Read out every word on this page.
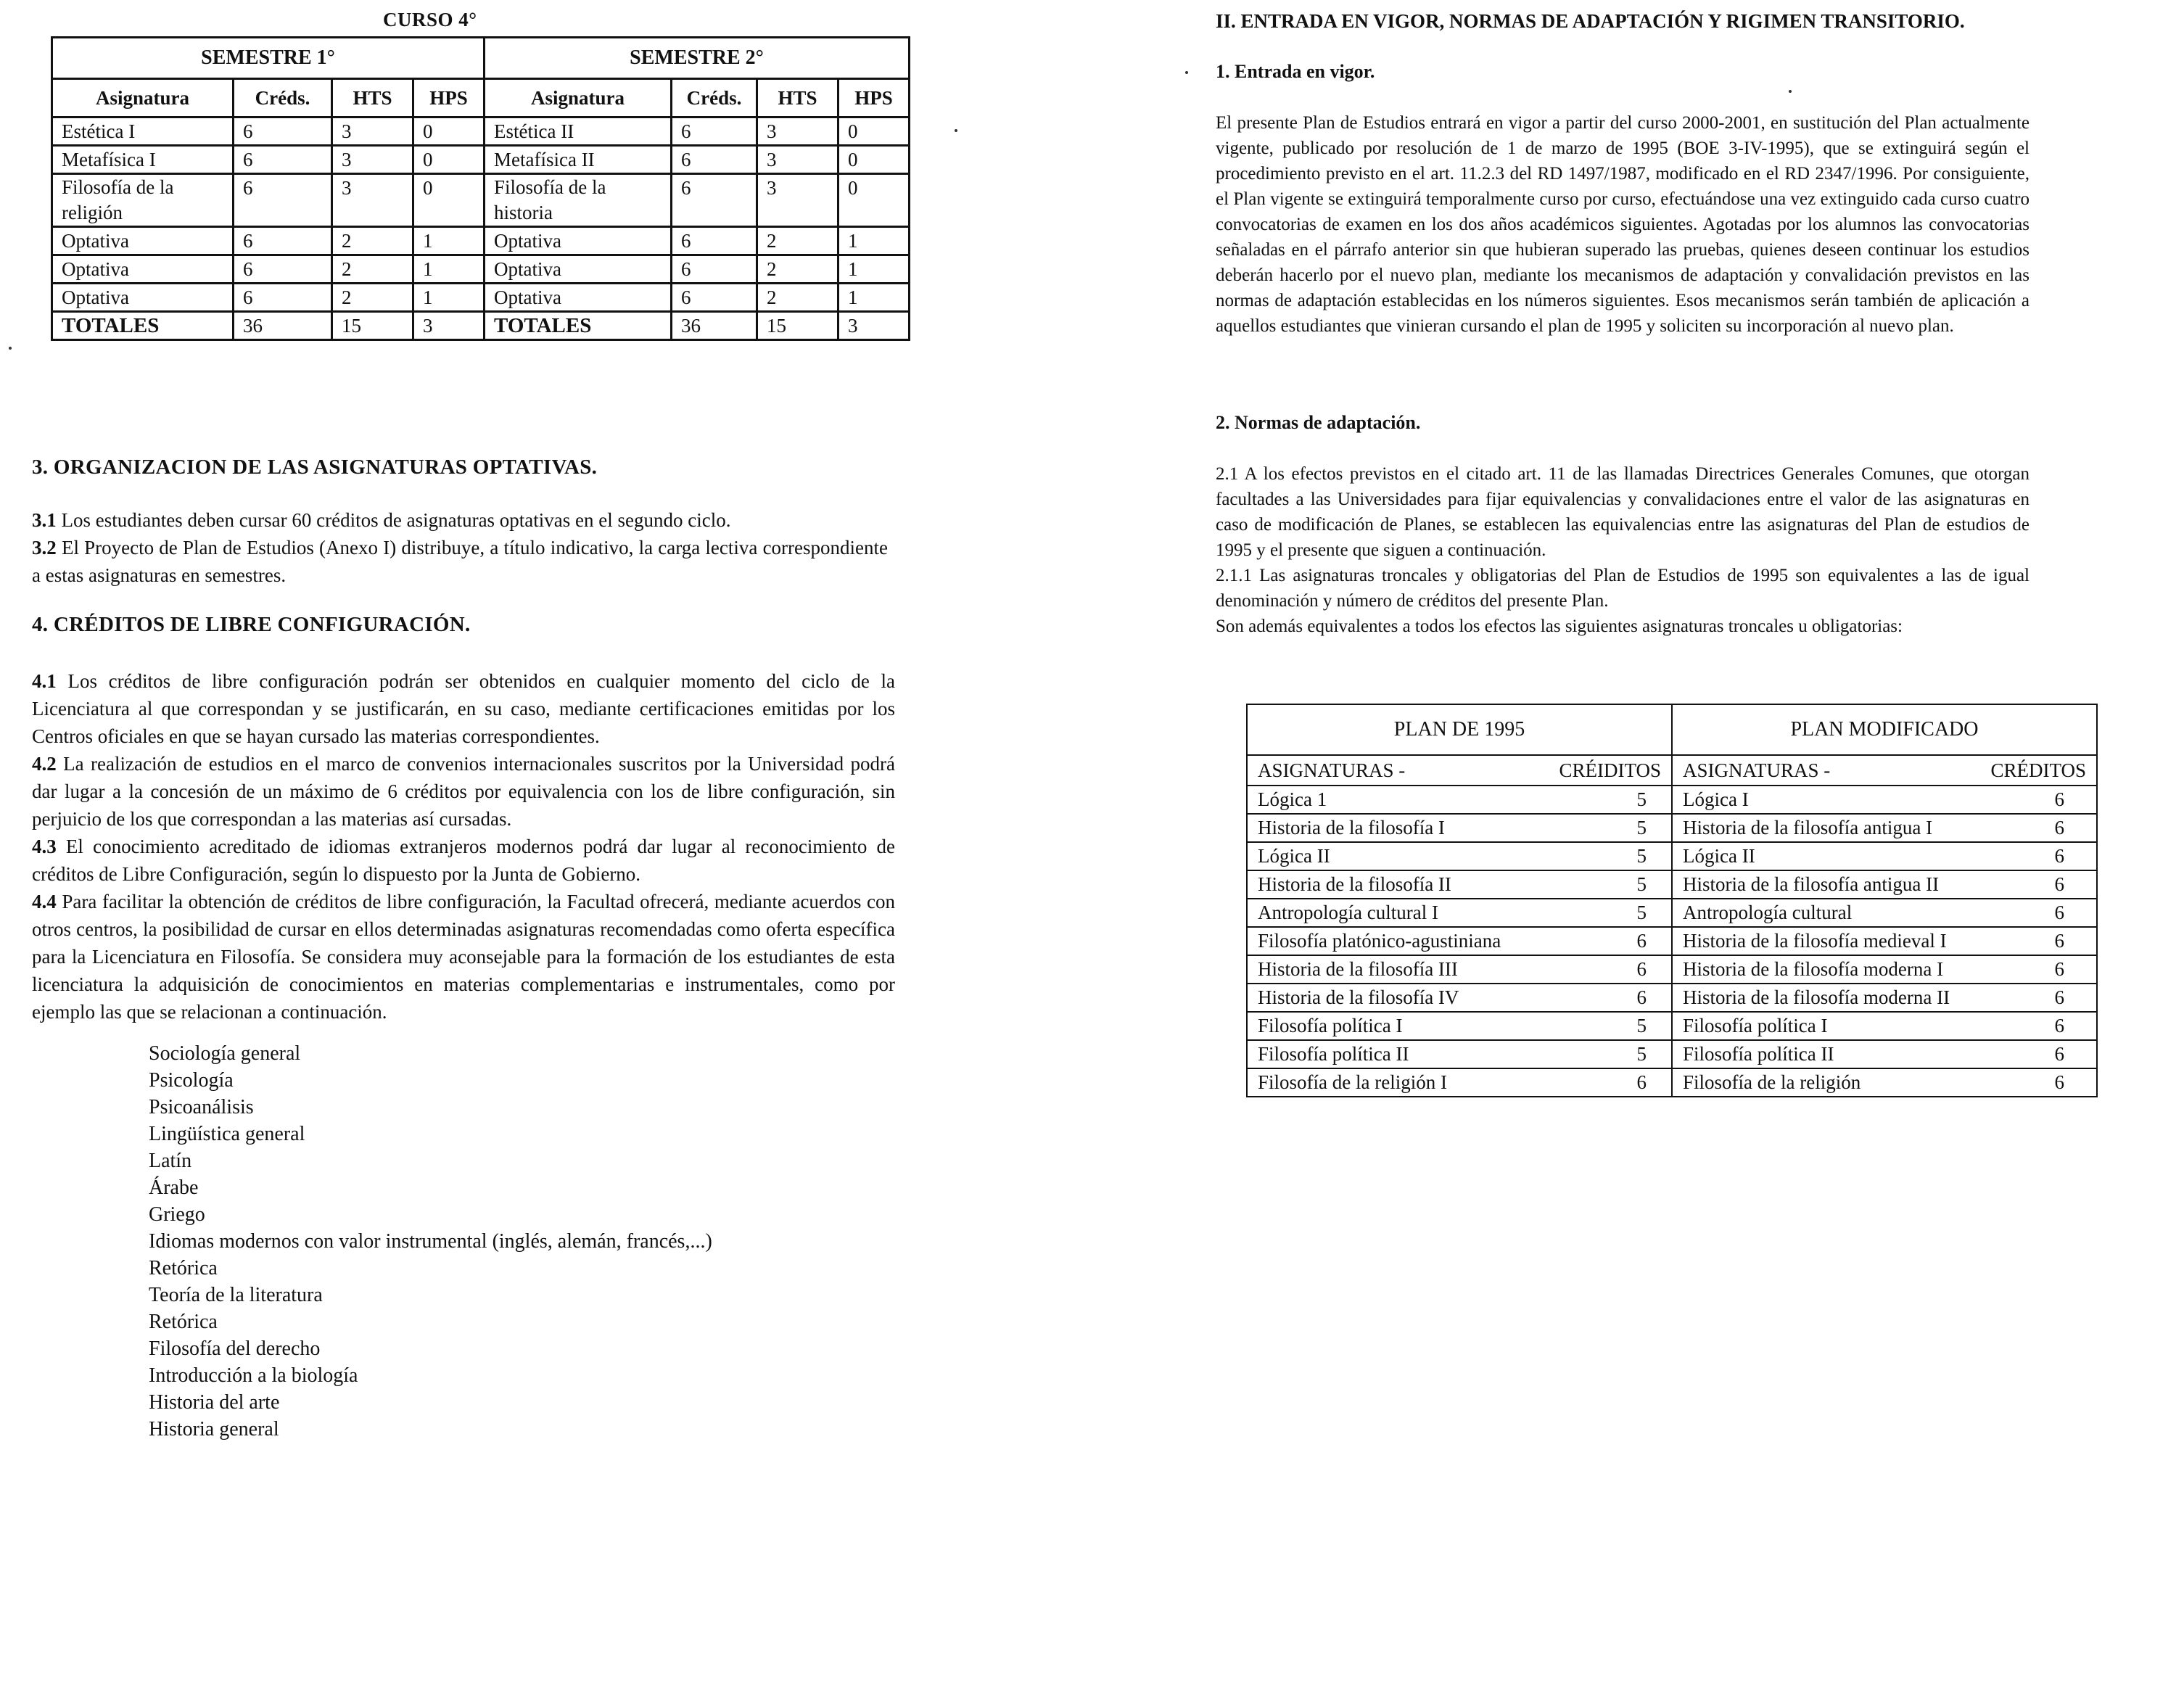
CURSO 4°
SEMESTRE 1°				SEMESTRE 2°			
Asignatura	Créds.	HTS	HPS	Asignatura	Créds.	HTS	HPS
Estética I	6	3	0	Estética II	6	3	0
Metafísica I	6	3	0	Metafísica II	6	3	0
Filosofía de la religión	6	3	0	Filosofía de la historia	6	3	0
Optativa	6	2	1	Optativa	6	2	1
Optativa	6	2	1	Optativa	6	2	1
Optativa	6	2	1	Optativa	6	2	1
TOTALES	36	15	3	TOTALES	36	15	3
3. ORGANIZACION DE LAS ASIGNATURAS OPTATIVAS.
3.1 Los estudiantes deben cursar 60 créditos de asignaturas optativas en el segundo ciclo.
3.2 El Proyecto de Plan de Estudios (Anexo I) distribuye, a título indicativo, la carga lectiva correspondiente a estas asignaturas en semestres.
4. CRÉDITOS DE LIBRE CONFIGURACIÓN.
4.1 Los créditos de libre configuración podrán ser obtenidos en cualquier momento del ciclo de la Licenciatura al que correspondan y se justificarán, en su caso, mediante certificaciones emitidas por los Centros oficiales en que se hayan cursado las materias correspondientes.
4.2 La realización de estudios en el marco de convenios internacionales suscritos por la Universidad podrá dar lugar a la concesión de un máximo de 6 créditos por equivalencia con los de libre configuración, sin perjuicio de los que correspondan a las materias así cursadas.
4.3 El conocimiento acreditado de idiomas extranjeros modernos podrá dar lugar al reconocimiento de créditos de Libre Configuración, según lo dispuesto por la Junta de Gobierno.
4.4 Para facilitar la obtención de créditos de libre configuración, la Facultad ofrecerá, mediante acuerdos con otros centros, la posibilidad de cursar en ellos determinadas asignaturas recomendadas como oferta específica para la Licenciatura en Filosofía. Se considera muy aconsejable para la formación de los estudiantes de esta licenciatura la adquisición de conocimientos en materias complementarias e instrumentales, como por ejemplo las que se relacionan a continuación.
Sociología general
Psicología
Psicoanálisis
Lingüística general
Latín
Árabe
Griego
Idiomas modernos con valor instrumental (inglés, alemán, francés,...)
Retórica
Teoría de la literatura
Retórica
Filosofía del derecho
Introducción a la biología
Historia del arte
Historia general
II. ENTRADA EN VIGOR, NORMAS DE ADAPTACIÓN Y RIGIMEN TRANSITORIO.
1. Entrada en vigor.
El presente Plan de Estudios entrará en vigor a partir del curso 2000-2001, en sustitución del Plan actualmente vigente, publicado por resolución de 1 de marzo de 1995 (BOE 3-IV-1995), que se extinguirá según el procedimiento previsto en el art. 11.2.3 del RD 1497/1987, modificado en el RD 2347/1996. Por consiguiente, el Plan vigente se extinguirá temporalmente curso por curso, efectuándose una vez extinguido cada curso cuatro convocatorias de examen en los dos años académicos siguientes. Agotadas por los alumnos las convocatorias señaladas en el párrafo anterior sin que hubieran superado las pruebas, quienes deseen continuar los estudios deberán hacerlo por el nuevo plan, mediante los mecanismos de adaptación y convalidación previstos en las normas de adaptación establecidas en los números siguientes. Esos mecanismos serán también de aplicación a aquellos estudiantes que vinieran cursando el plan de 1995 y soliciten su incorporación al nuevo plan.
2. Normas de adaptación.
2.1 A los efectos previstos en el citado art. 11 de las llamadas Directrices Generales Comunes, que otorgan facultades a las Universidades para fijar equivalencias y convalidaciones entre el valor de las asignaturas en caso de modificación de Planes, se establecen las equivalencias entre las asignaturas del Plan de estudios de 1995 y el presente que siguen a continuación.
2.1.1 Las asignaturas troncales y obligatorias del Plan de Estudios de 1995 son equivalentes a las de igual denominación y número de créditos del presente Plan.
Son además equivalentes a todos los efectos las siguientes asignaturas troncales u obligatorias:
PLAN DE 1995	PLAN MODIFICADO

ASIGNATURAS - CRÉIDITOS	ASIGNATURAS - CRÉDITOS

Lógica 1 5	Lógica I 6

Historia de la filosofía I 5	Historia de la filosofía antigua I 6

Lógica II 5	Lógica II 6

Historia de la filosofía II 5	Historia de la filosofía antigua II 6

Antropología cultural I 5	Antropología cultural 6

Filosofía platónico-agustiniana 6	Historia de la filosofía medieval I 6

Historia de la filosofía III 6	Historia de la filosofía moderna I 6

Historia de la filosofía IV 6	Historia de la filosofía moderna II 6

Filosofía política I 5	Filosofía política I 6

Filosofía política II 5	Filosofía política II 6

Filosofía de la religión I 6	Filosofía de la religión 6
